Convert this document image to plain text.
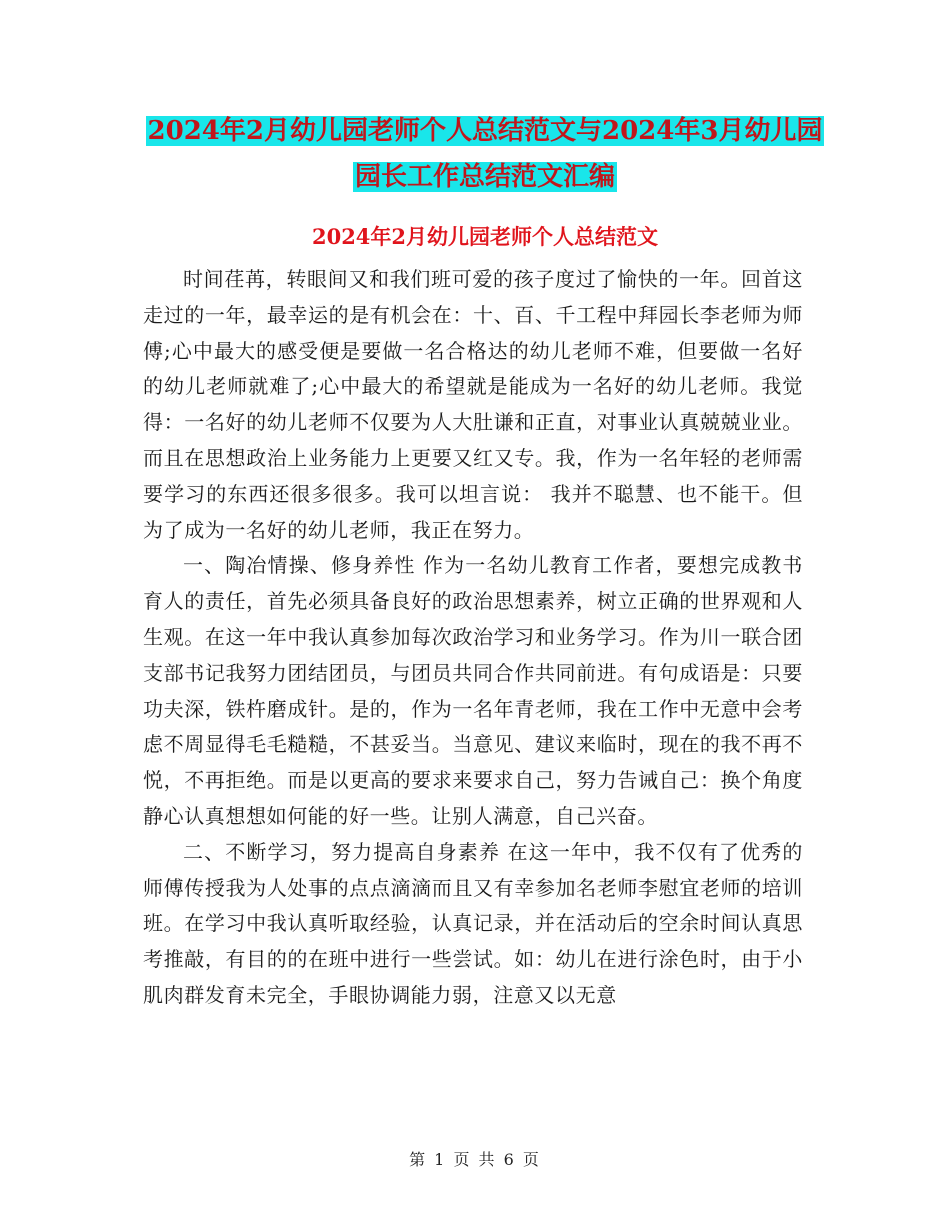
2024年2月幼儿园老师个人总结范文与2024年3月幼儿园园长工作总结范文汇编
2024年2月幼儿园老师个人总结范文

时间荏苒，转眼间又和我们班可爱的孩子度过了愉快的一年。回首这走过的一年，最幸运的是有机会在：十、百、千工程中拜园长李老师为师傅;心中最大的感受便是要做一名合格达的幼儿老师不难，但要做一名好的幼儿老师就难了;心中最大的希望就是能成为一名好的幼儿老师。我觉得：一名好的幼儿老师不仅要为人大肚谦和正直，对事业认真兢兢业业。而且在思想政治上业务能力上更要又红又专。我，作为一名年轻的老师需要学习的东西还很多很多。我可以坦言说： 我并不聪慧、也不能干。但为了成为一名好的幼儿老师，我正在努力。

一、陶冶情操、修身养性 作为一名幼儿教育工作者，要想完成教书育人的责任，首先必须具备良好的政治思想素养，树立正确的世界观和人生观。在这一年中我认真参加每次政治学习和业务学习。作为川一联合团支部书记我努力团结团员，与团员共同合作共同前进。有句成语是：只要功夫深，铁杵磨成针。是的，作为一名年青老师，我在工作中无意中会考虑不周显得毛毛糙糙，不甚妥当。当意见、建议来临时，现在的我不再不悦，不再拒绝。而是以更高的要求来要求自己，努力告诫自己：换个角度静心认真想想如何能的好一些。让别人满意，自己兴奋。

二、不断学习，努力提高自身素养 在这一年中，我不仅有了优秀的师傅传授我为人处事的点点滴滴而且又有幸参加名老师李慰宜老师的培训班。在学习中我认真听取经验，认真记录，并在活动后的空余时间认真思考推敲，有目的的在班中进行一些尝试。如：幼儿在进行涂色时，由于小肌肉群发育未完全，手眼协调能力弱，注意又以无意

第 1 页 共 6 页
